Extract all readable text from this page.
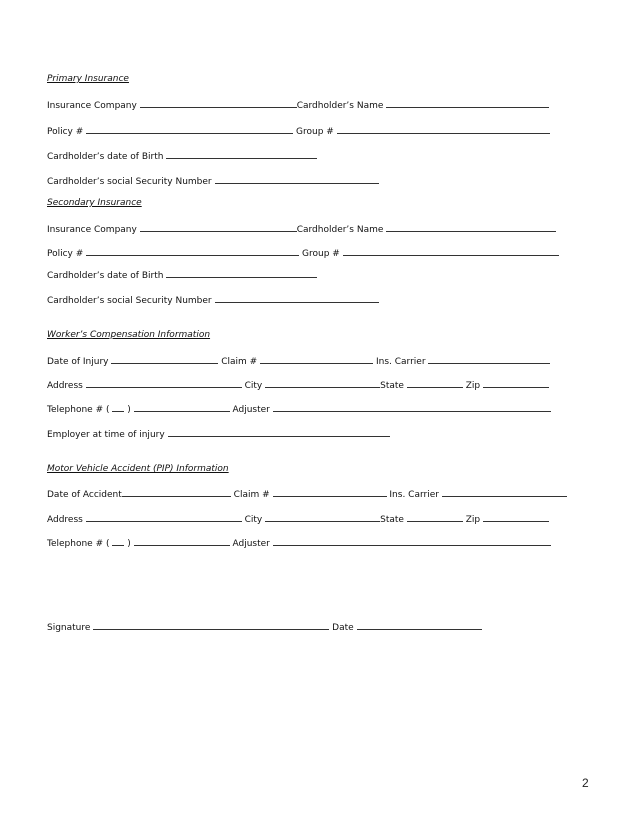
Primary Insurance
Insurance Company	Cardholder’s Name
Policy #	Group #
Cardholder’s date of Birth
Cardholder’s social Security Number
Secondary Insurance
Insurance Company	Cardholder’s Name
Policy #	Group #
Cardholder’s date of Birth
Cardholder’s social Security Number
Worker’s Compensation Information
Date of Injury	Claim #	Ins. Carrier
Address	City	State	Zip
Telephone # ( )	Adjuster
Employer at time of injury
Motor Vehicle Accident (PIP) Information
Date of Accident	Claim #	Ins. Carrier
Address	City	State	Zip
Telephone # ( )	Adjuster
Signature	Date
2
